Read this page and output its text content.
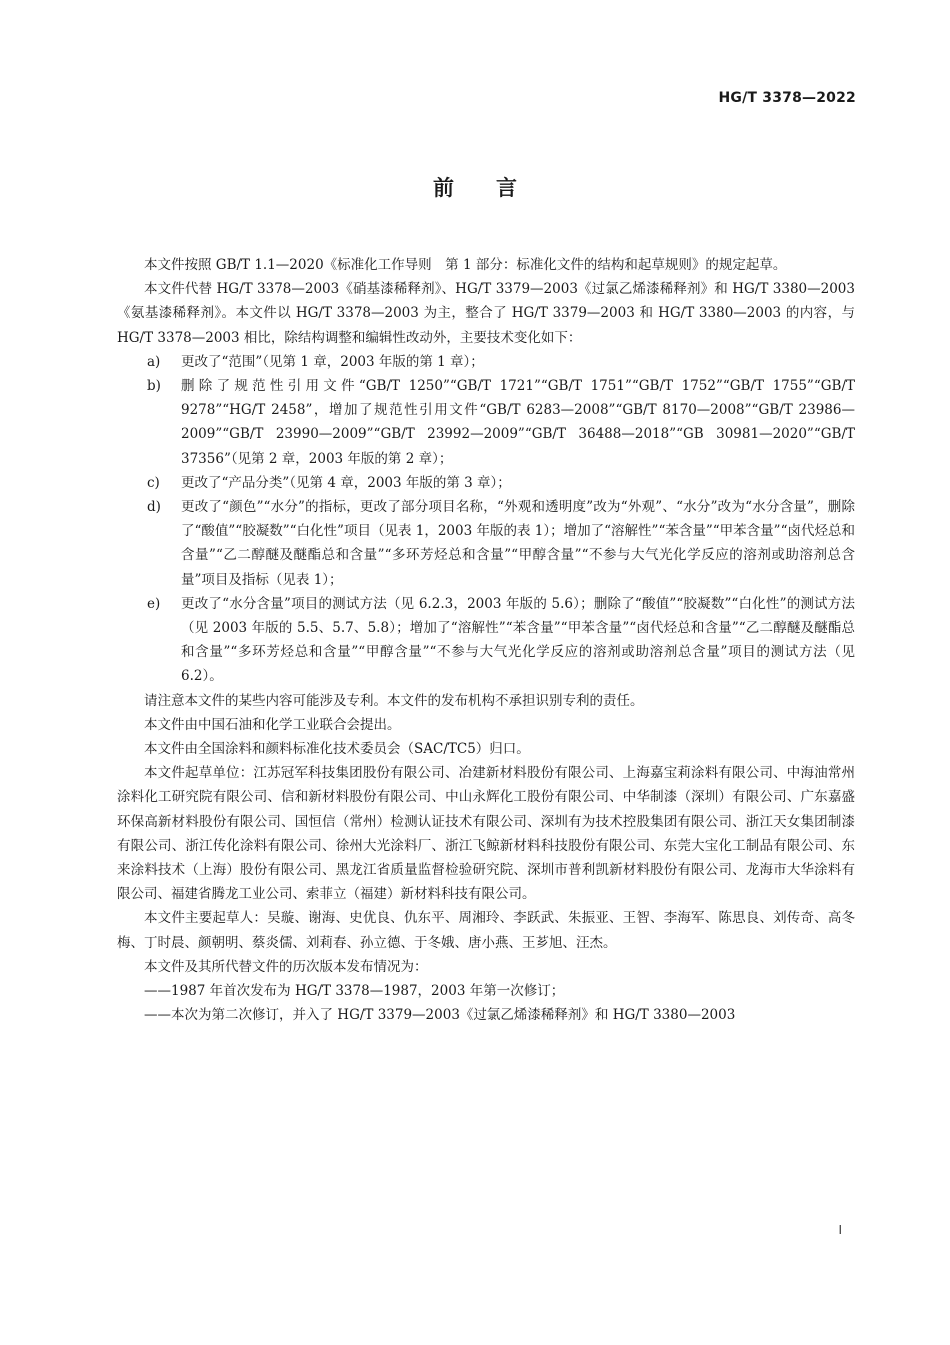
HG/T 3378—2022

前言

本文件按照 GB/T 1.1—2020《标准化工作导则　第 1 部分：标准化文件的结构和起草规则》的规定起草。

本文件代替 HG/T 3378—2003《硝基漆稀释剂》、HG/T 3379—2003《过氯乙烯漆稀释剂》和 HG/T 3380—2003《氨基漆稀释剂》。本文件以 HG/T 3378—2003 为主，整合了 HG/T 3379—2003 和 HG/T 3380—2003 的内容，与 HG/T 3378—2003 相比，除结构调整和编辑性改动外，主要技术变化如下：

a)	更改了“范围”（见第 1 章，2003 年版的第 1 章）；
b)	删除了规范性引用文件“GB/T 1250”“GB/T 1721”“GB/T 1751”“GB/T 1752”“GB/T 1755”“GB/T 9278”“HG/T 2458”，增加了规范性引用文件“GB/T 6283—2008”“GB/T 8170—2008”“GB/T 23986—2009”“GB/T 23990—2009”“GB/T 23992—2009”“GB/T 36488—2018”“GB 30981—2020”“GB/T 37356”（见第 2 章，2003 年版的第 2 章）；
c)	更改了“产品分类”（见第 4 章，2003 年版的第 3 章）；
d)	更改了“颜色”“水分”的指标，更改了部分项目名称，“外观和透明度”改为“外观”、“水分”改为“水分含量”，删除了“酸值”“胶凝数”“白化性”项目（见表 1，2003 年版的表 1）；增加了“溶解性”“苯含量”“甲苯含量”“卤代烃总和含量”“乙二醇醚及醚酯总和含量”“多环芳烃总和含量”“甲醇含量”“不参与大气光化学反应的溶剂或助溶剂总含量”项目及指标（见表 1）；
e)	更改了“水分含量”项目的测试方法（见 6.2.3，2003 年版的 5.6）；删除了“酸值”“胶凝数”“白化性”的测试方法（见 2003 年版的 5.5、5.7、5.8）；增加了“溶解性”“苯含量”“甲苯含量”“卤代烃总和含量”“乙二醇醚及醚酯总和含量”“多环芳烃总和含量”“甲醇含量”“不参与大气光化学反应的溶剂或助溶剂总含量”项目的测试方法（见 6.2）。

请注意本文件的某些内容可能涉及专利。本文件的发布机构不承担识别专利的责任。

本文件由中国石油和化学工业联合会提出。

本文件由全国涂料和颜料标准化技术委员会（SAC/TC5）归口。

本文件起草单位：江苏冠军科技集团股份有限公司、冶建新材料股份有限公司、上海嘉宝莉涂料有限公司、中海油常州涂料化工研究院有限公司、信和新材料股份有限公司、中山永辉化工股份有限公司、中华制漆（深圳）有限公司、广东嘉盛环保高新材料股份有限公司、国恒信（常州）检测认证技术有限公司、深圳有为技术控股集团有限公司、浙江天女集团制漆有限公司、浙江传化涂料有限公司、徐州大光涂料厂、浙江飞鲸新材料科技股份有限公司、东莞大宝化工制品有限公司、东来涂料技术（上海）股份有限公司、黑龙江省质量监督检验研究院、深圳市普利凯新材料股份有限公司、龙海市大华涂料有限公司、福建省腾龙工业公司、索菲立（福建）新材料科技有限公司。

本文件主要起草人：吴璇、谢海、史优良、仇东平、周湘玲、李跃武、朱振亚、王智、李海军、陈思良、刘传奇、高冬梅、丁时晨、颜朝明、蔡炎儒、刘莉春、孙立德、于冬娥、唐小燕、王芗旭、汪杰。

本文件及其所代替文件的历次版本发布情况为：

——1987 年首次发布为 HG/T 3378—1987，2003 年第一次修订；

——本次为第二次修订，并入了 HG/T 3379—2003《过氯乙烯漆稀释剂》和 HG/T 3380—2003

I
